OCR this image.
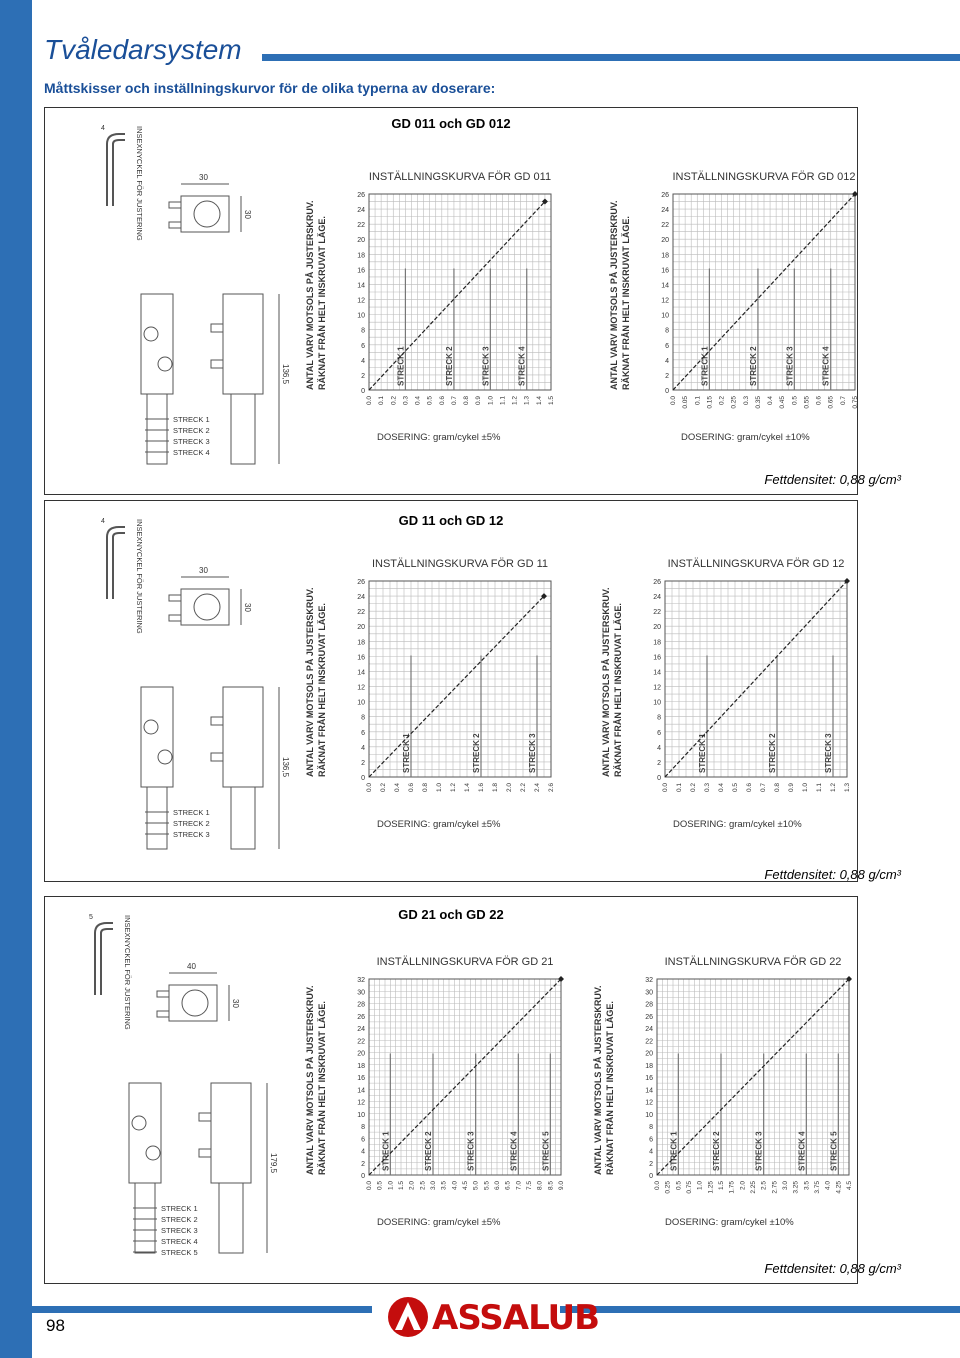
Tvåledarsystem
Måttskisser och inställningskurvor för de olika typerna av doserare:
GD 011 och GD 012
4	INSEXNYCKEL FÖR JUSTERING	30
30
136,5
STRECK 1
STRECK 2
STRECK 3
STRECK 4
INSTÄLLNINGSKURVA FÖR GD 011
0
2
4
6
8
10
12
14
16
18
20
22
24
26
0.0 0.1 0.2 0.3 0.4 0.5 0.6 0.7 0.8 0.9 1.0 1.1 1.2 1.3 1.4 1.5
STRECK 1	STRECK 2	STRECK 3	STRECK 4
ANTAL VARV MOTSOLS PÅ JUSTERSKRUV. RÄKNAT FRÅN HELT INSKRUVAT LÄGE.
DOSERING: gram/cykel ±5%
INSTÄLLNINGSKURVA FÖR GD 012
0
2
4
6
8
10
12
14
16
18
20
22
24
26
0.0 0.05 0.1 0.15 0.2 0.25 0.3 0.35 0.4 0.45 0.5 0.55 0.6 0.65 0.7 0.75
STRECK 1	STRECK 2	STRECK 3	STRECK 4
ANTAL VARV MOTSOLS PÅ JUSTERSKRUV. RÄKNAT FRÅN HELT INSKRUVAT LÄGE.
DOSERING: gram/cykel ±10%
Fettdensitet: 0,88 g/cm³
GD 11 och GD 12
4	INSEXNYCKEL FÖR JUSTERING	30
30
136,5
STRECK 1
STRECK 2
STRECK 3
INSTÄLLNINGSKURVA FÖR GD 11
0
2
4
6
8
10
12
14
16
18
20
22
24
26
0.0 0.2 0.4 0.6 0.8 1.0 1.2 1.4 1.6 1.8 2.0 2.2 2.4 2.6
STRECK 1	STRECK 2	STRECK 3
ANTAL VARV MOTSOLS PÅ JUSTERSKRUV. RÄKNAT FRÅN HELT INSKRUVAT LÄGE.
DOSERING: gram/cykel ±5%
INSTÄLLNINGSKURVA FÖR GD 12
0
2
4
6
8
10
12
14
16
18
20
22
24
26
0.0 0.1 0.2 0.3 0.4 0.5 0.6 0.7 0.8 0.9 1.0 1.1 1.2 1.3
STRECK 1	STRECK 2	STRECK 3
ANTAL VARV MOTSOLS PÅ JUSTERSKRUV. RÄKNAT FRÅN HELT INSKRUVAT LÄGE.
DOSERING: gram/cykel ±10%
Fettdensitet: 0,88 g/cm³
GD 21 och GD 22
5	INSEXNYCKEL FÖR JUSTERING	40
30
179,5
STRECK 1
STRECK 2
STRECK 3
STRECK 4
STRECK 5
INSTÄLLNINGSKURVA FÖR GD 21
0
2
4
6
8
10
12
14
16
18
20
22
24
26
28
30
32
0.0 0.5 1.0 1.5 2.0 2.5 3.0 3.5 4.0 4.5 5.0 5.5 6.0 6.5 7.0 7.5 8.0 8.5 9.0
STRECK 1	STRECK 2	STRECK 3	STRECK 4	STRECK 5
ANTAL VARV MOTSOLS PÅ JUSTERSKRUV. RÄKNAT FRÅN HELT INSKRUVAT LÄGE.
DOSERING: gram/cykel ±5%
INSTÄLLNINGSKURVA FÖR GD 22
0
2
4
6
8
10
12
14
16
18
20
22
24
26
28
30
32
0.0 0.25 0.5 0.75 1.0 1.25 1.5 1.75 2.0 2.25 2.5 2.75 3.0 3.25 3.5 3.75 4.0 4.25 4.5
STRECK 1	STRECK 2	STRECK 3	STRECK 4	STRECK 5
ANTAL VARV MOTSOLS PÅ JUSTERSKRUV. RÄKNAT FRÅN HELT INSKRUVAT LÄGE.
DOSERING: gram/cykel ±10%
Fettdensitet: 0,88 g/cm³
98	ASSALUB
